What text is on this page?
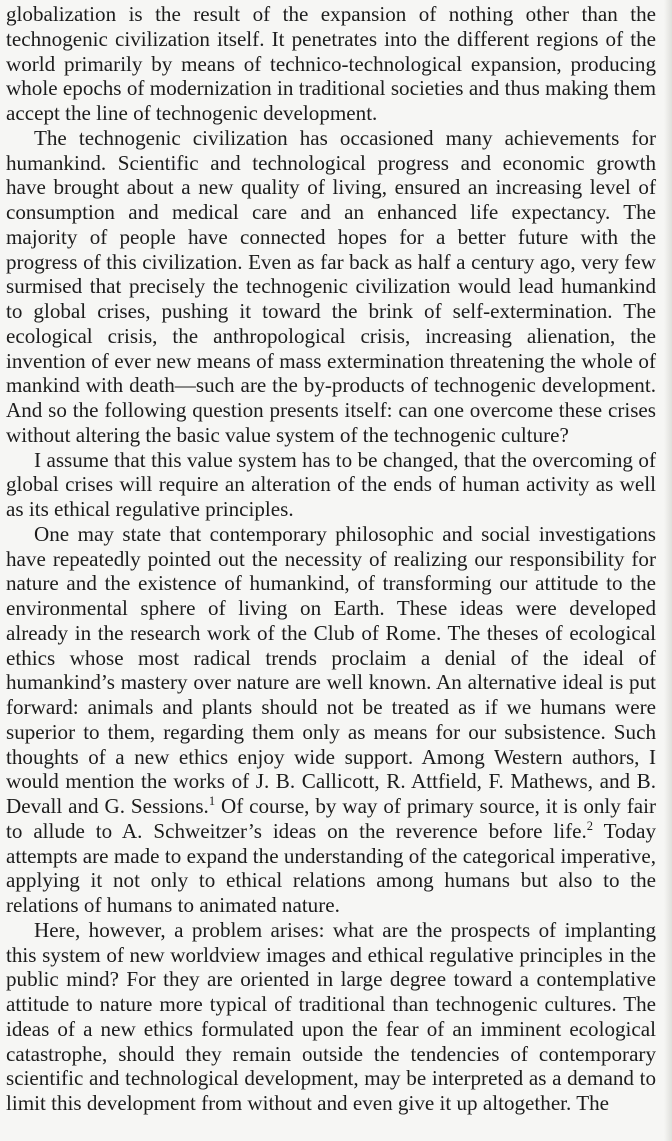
globalization is the result of the expansion of nothing other than the technogenic civilization itself. It penetrates into the different regions of the world primarily by means of technico-technological expansion, producing whole epochs of modernization in traditional societies and thus making them accept the line of technogenic development.

The technogenic civilization has occasioned many achievements for humankind. Scientific and technological progress and economic growth have brought about a new quality of living, ensured an increasing level of consumption and medical care and an enhanced life expectancy. The majority of people have connected hopes for a better future with the progress of this civilization. Even as far back as half a century ago, very few surmised that precisely the technogenic civilization would lead humankind to global crises, pushing it toward the brink of self-extermination. The ecological crisis, the anthropological crisis, increasing alienation, the invention of ever new means of mass extermination threatening the whole of mankind with death—such are the by-products of technogenic development. And so the following question presents itself: can one overcome these crises without altering the basic value system of the technogenic culture?

I assume that this value system has to be changed, that the overcoming of global crises will require an alteration of the ends of human activity as well as its ethical regulative principles.

One may state that contemporary philosophic and social investigations have repeatedly pointed out the necessity of realizing our responsibility for nature and the existence of humankind, of transforming our attitude to the environmental sphere of living on Earth. These ideas were developed already in the research work of the Club of Rome. The theses of ecological ethics whose most radical trends proclaim a denial of the ideal of humankind’s mastery over nature are well known. An alternative ideal is put forward: animals and plants should not be treated as if we humans were superior to them, regarding them only as means for our subsistence. Such thoughts of a new ethics enjoy wide support. Among Western authors, I would mention the works of J. B. Callicott, R. Attfield, F. Mathews, and B. Devall and G. Sessions.$^1$ Of course, by way of primary source, it is only fair to allude to A. Schweitzer’s ideas on the reverence before life.$^2$ Today attempts are made to expand the understanding of the categorical imperative, applying it not only to ethical relations among humans but also to the relations of humans to animated nature.

Here, however, a problem arises: what are the prospects of implanting this system of new worldview images and ethical regulative principles in the public mind? For they are oriented in large degree toward a contemplative attitude to nature more typical of traditional than technogenic cultures. The ideas of a new ethics formulated upon the fear of an imminent ecological catastrophe, should they remain outside the tendencies of contemporary scientific and technological development, may be interpreted as a demand to limit this development from without and even give it up altogether. The
